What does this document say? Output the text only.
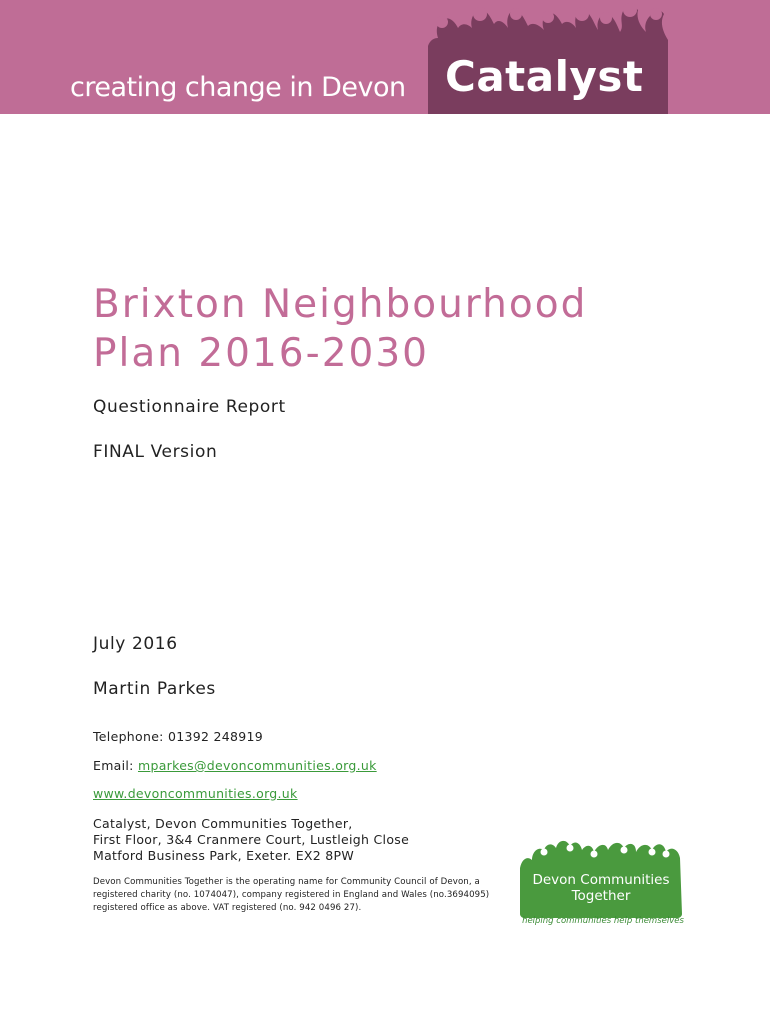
creating change in Devon Catalyst
Brixton Neighbourhood
Plan 2016-2030
Questionnaire Report
FINAL Version
July 2016
Martin Parkes
Telephone: 01392 248919
Email: mparkes@devoncommunities.org.uk
www.devoncommunities.org.uk
Catalyst, Devon Communities Together,
First Floor, 3&4 Cranmere Court, Lustleigh Close
Matford Business Park, Exeter. EX2 8PW
Devon Communities Together is the operating name for Community Council of Devon, a registered charity (no. 1074047), company registered in England and Wales (no.3694095) registered office as above. VAT registered (no. 942 0496 27).
Devon Communities
Together
helping communities help themselves
